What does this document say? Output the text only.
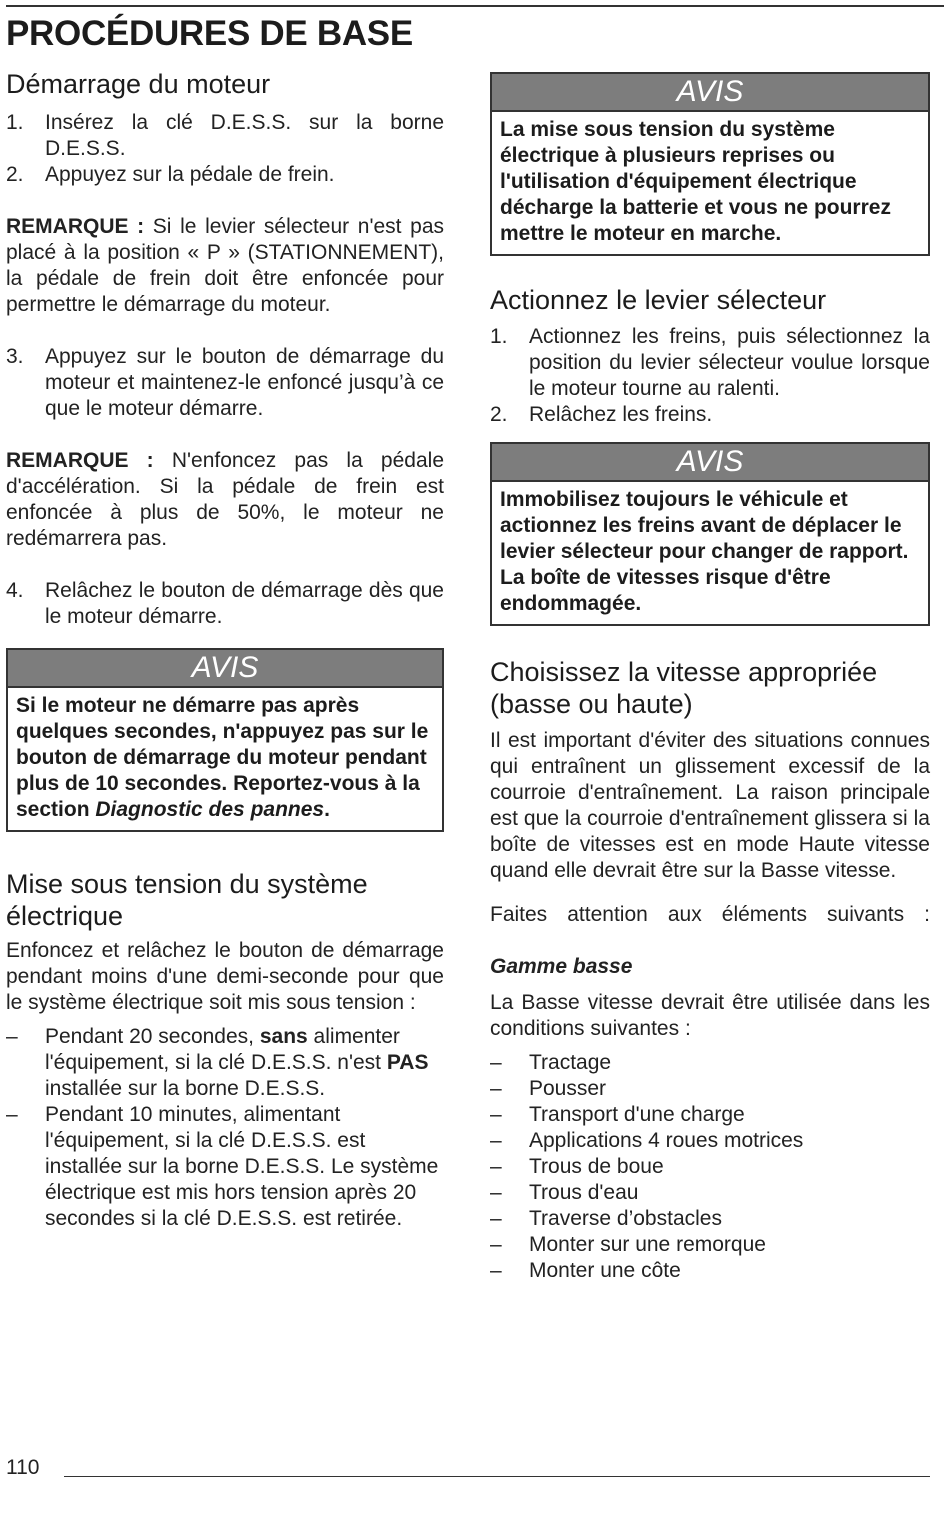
PROCÉDURES DE BASE
Démarrage du moteur
1. Insérez la clé D.E.S.S. sur la borne D.E.S.S.
2. Appuyez sur la pédale de frein.

REMARQUE : Si le levier sélecteur n'est pas placé à la position « P » (STATIONNEMENT), la pédale de frein doit être enfoncée pour permettre le démarrage du moteur.

3. Appuyez sur le bouton de démarrage du moteur et maintenez-le enfoncé jusqu’à ce que le moteur démarre.

REMARQUE : N'enfoncez pas la pédale d'accélération. Si la pédale de frein est enfoncée à plus de 50%, le moteur ne redémarrera pas.

4. Relâchez le bouton de démarrage dès que le moteur démarre.
AVIS
Si le moteur ne démarre pas après quelques secondes, n'appuyez pas sur le bouton de démarrage du moteur pendant plus de 10 secondes. Reportez-vous à la section Diagnostic des pannes.
Mise sous tension du système électrique

Enfoncez et relâchez le bouton de démarrage pendant moins d'une demi-seconde pour que le système électrique soit mis sous tension :

– Pendant 20 secondes, sans alimenter l'équipement, si la clé D.E.S.S. n'est PAS installée sur la borne D.E.S.S.
– Pendant 10 minutes, alimentant l'équipement, si la clé D.E.S.S. est installée sur la borne D.E.S.S. Le système électrique est mis hors tension après 20 secondes si la clé D.E.S.S. est retirée.
AVIS
La mise sous tension du système électrique à plusieurs reprises ou l'utilisation d'équipement électrique décharge la batterie et vous ne pourrez mettre le moteur en marche.
Actionnez le levier sélecteur
1. Actionnez les freins, puis sélectionnez la position du levier sélecteur voulue lorsque le moteur tourne au ralenti.
2. Relâchez les freins.
AVIS
Immobilisez toujours le véhicule et actionnez les freins avant de déplacer le levier sélecteur pour changer de rapport. La boîte de vitesses risque d'être endommagée.
Choisissez la vitesse appropriée (basse ou haute)

Il est important d'éviter des situations connues qui entraînent un glissement excessif de la courroie d'entraînement. La raison principale est que la courroie d'entraînement glissera si la boîte de vitesses est en mode Haute vitesse quand elle devrait être sur la Basse vitesse.

Faites attention aux éléments suivants :

Gamme basse

La Basse vitesse devrait être utilisée dans les conditions suivantes :

– Tractage
– Pousser
– Transport d'une charge
– Applications 4 roues motrices
– Trous de boue
– Trous d'eau
– Traverse d’obstacles
– Monter sur une remorque
– Monter une côte
110
